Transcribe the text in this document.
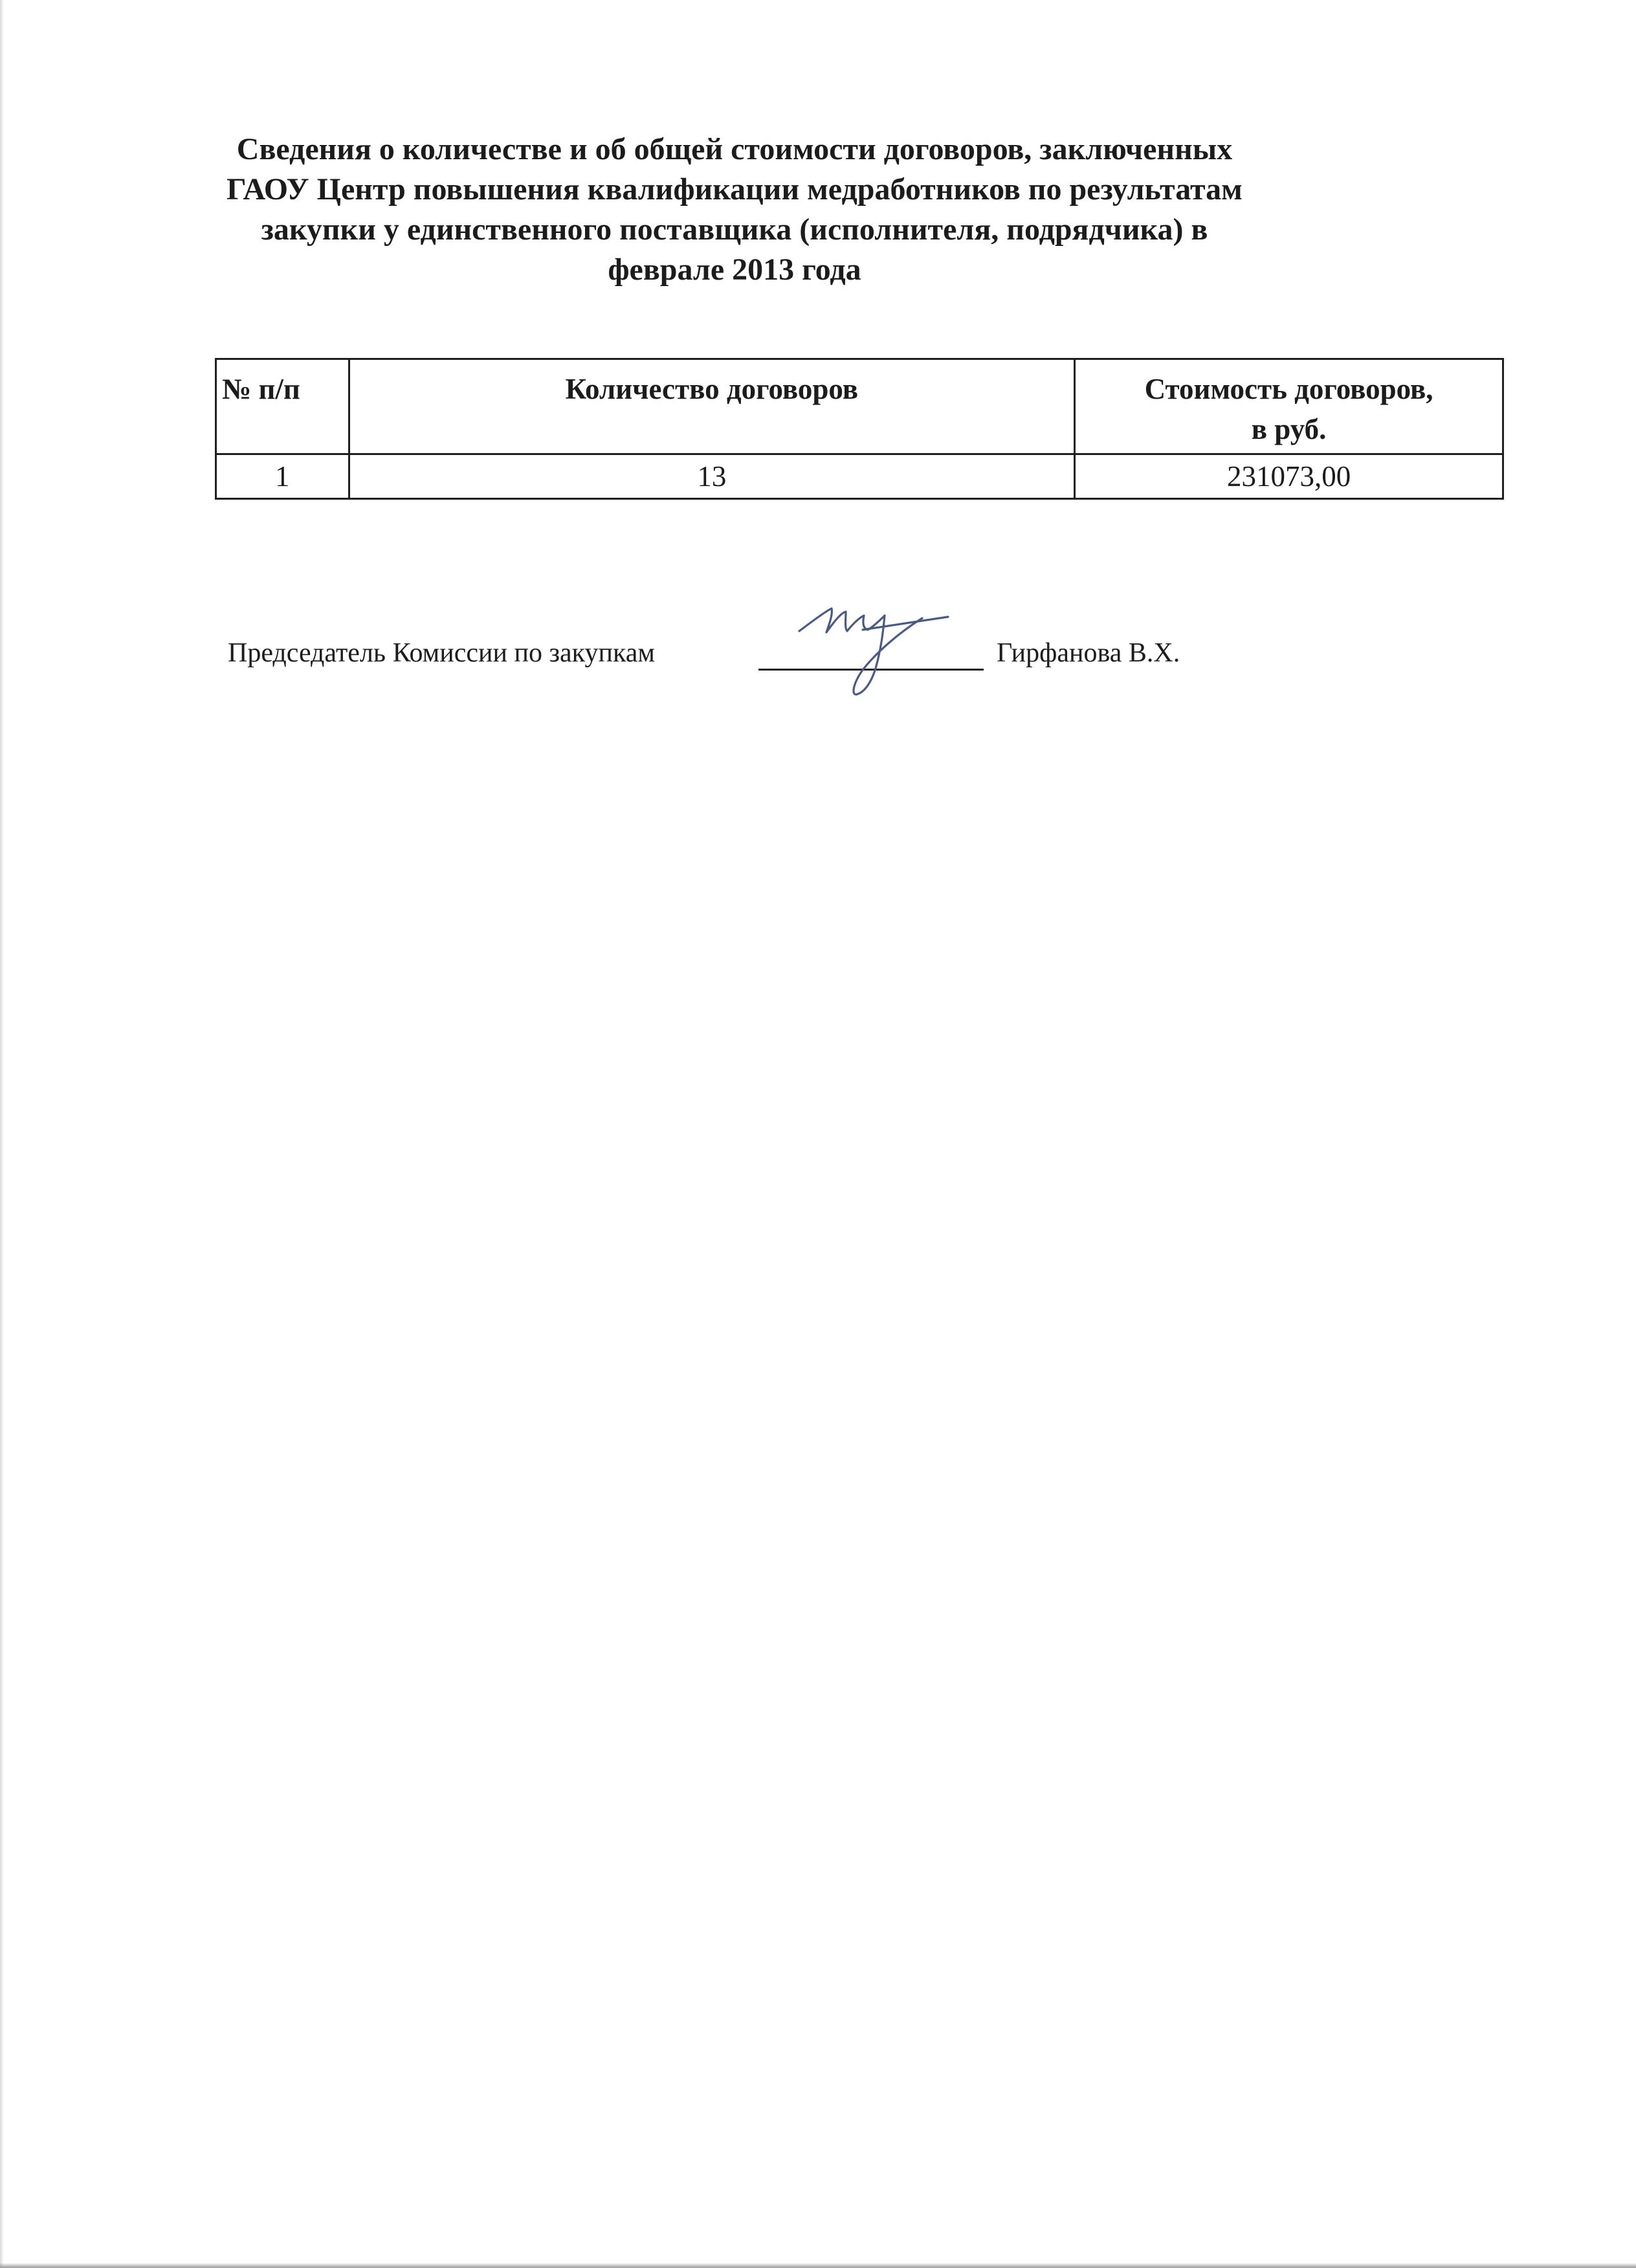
Сведения о количестве и об общей стоимости договоров, заключенных
ГАОУ Центр повышения квалификации медработников по результатам
закупки у единственного поставщика (исполнителя, подрядчика) в
феврале 2013 года
№ п/п	Количество договоров	Стоимость договоров,
в руб.
1	13	231073,00
Председатель Комиссии по закупкам	Гирфанова В.Х.
